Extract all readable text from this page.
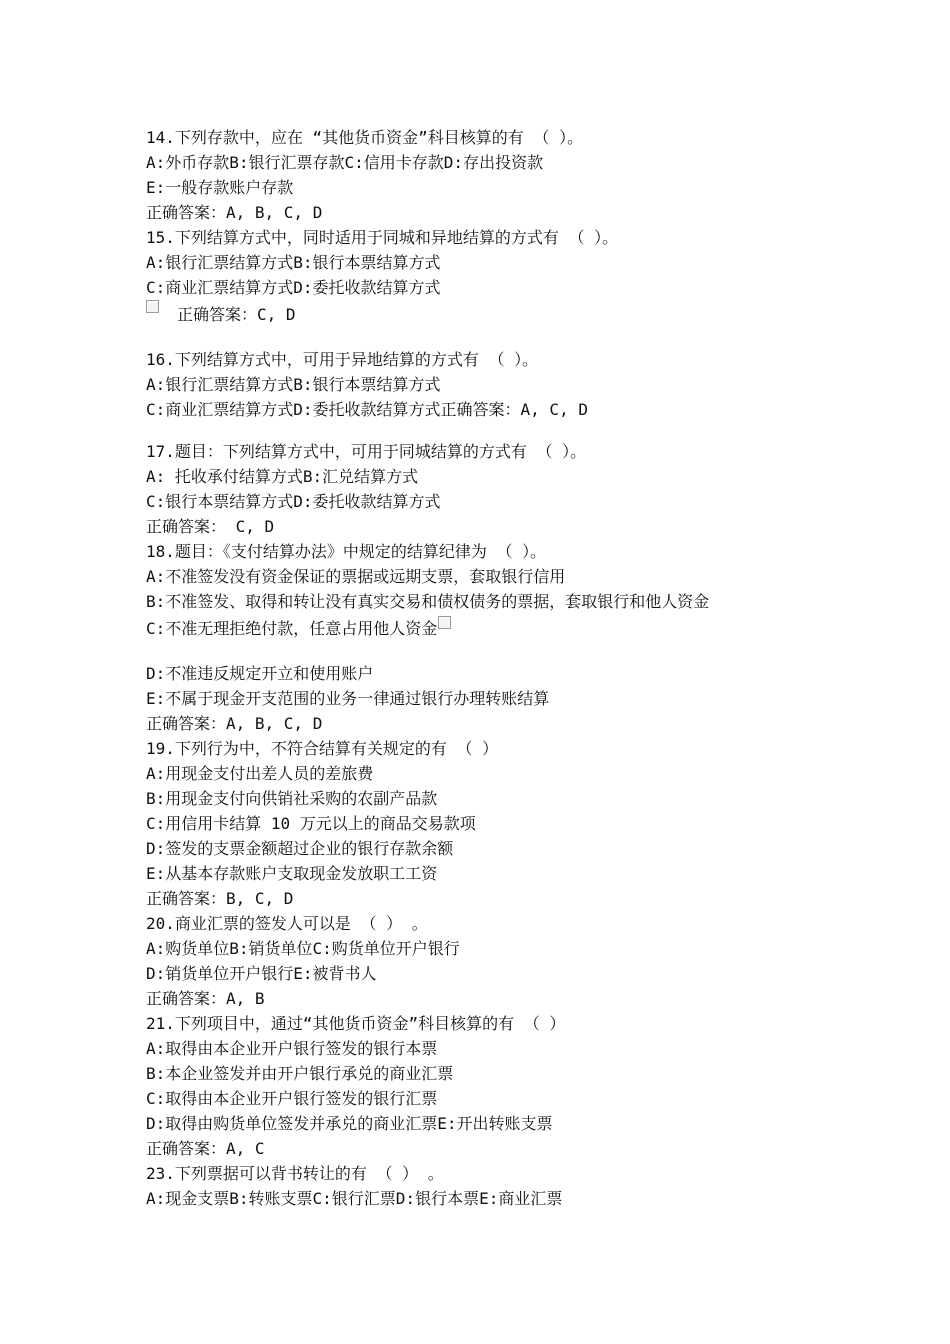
14.下列存款中，应在 “其他货币资金”科目核算的有 （ ）。
A:外币存款B:银行汇票存款C:信用卡存款D:存出投资款
E:一般存款账户存款
正确答案：A, B, C, D
15.下列结算方式中，同时适用于同城和异地结算的方式有 （ ）。
A:银行汇票结算方式B:银行本票结算方式
C:商业汇票结算方式D:委托收款结算方式
正确答案：C, D
16.下列结算方式中，可用于异地结算的方式有 （ ）。
A:银行汇票结算方式B:银行本票结算方式
C:商业汇票结算方式D:委托收款结算方式正确答案：A, C, D
17.题目：下列结算方式中，可用于同城结算的方式有 （ ）。
A: 托收承付结算方式B:汇兑结算方式
C:银行本票结算方式D:委托收款结算方式
正确答案： C, D
18.题目：《支付结算办法》中规定的结算纪律为 （ ）。
A:不准签发没有资金保证的票据或远期支票，套取银行信用
B:不准签发、取得和转让没有真实交易和债权债务的票据，套取银行和他人资金
C:不准无理拒绝付款，任意占用他人资金
D:不准违反规定开立和使用账户
E:不属于现金开支范围的业务一律通过银行办理转账结算
正确答案：A, B, C, D
19.下列行为中，不符合结算有关规定的有 （ ）
A:用现金支付出差人员的差旅费
B:用现金支付向供销社采购的农副产品款
C:用信用卡结算 10 万元以上的商品交易款项
D:签发的支票金额超过企业的银行存款余额
E:从基本存款账户支取现金发放职工工资
正确答案：B, C, D
20.商业汇票的签发人可以是 （ ） 。
A:购货单位B:销货单位C:购货单位开户银行
D:销货单位开户银行E:被背书人
正确答案：A, B
21.下列项目中，通过“其他货币资金”科目核算的有 （ ）
A:取得由本企业开户银行签发的银行本票
B:本企业签发并由开户银行承兑的商业汇票
C:取得由本企业开户银行签发的银行汇票
D:取得由购货单位签发并承兑的商业汇票E:开出转账支票
正确答案：A, C
23.下列票据可以背书转让的有 （ ） 。
A:现金支票B:转账支票C:银行汇票D:银行本票E:商业汇票
